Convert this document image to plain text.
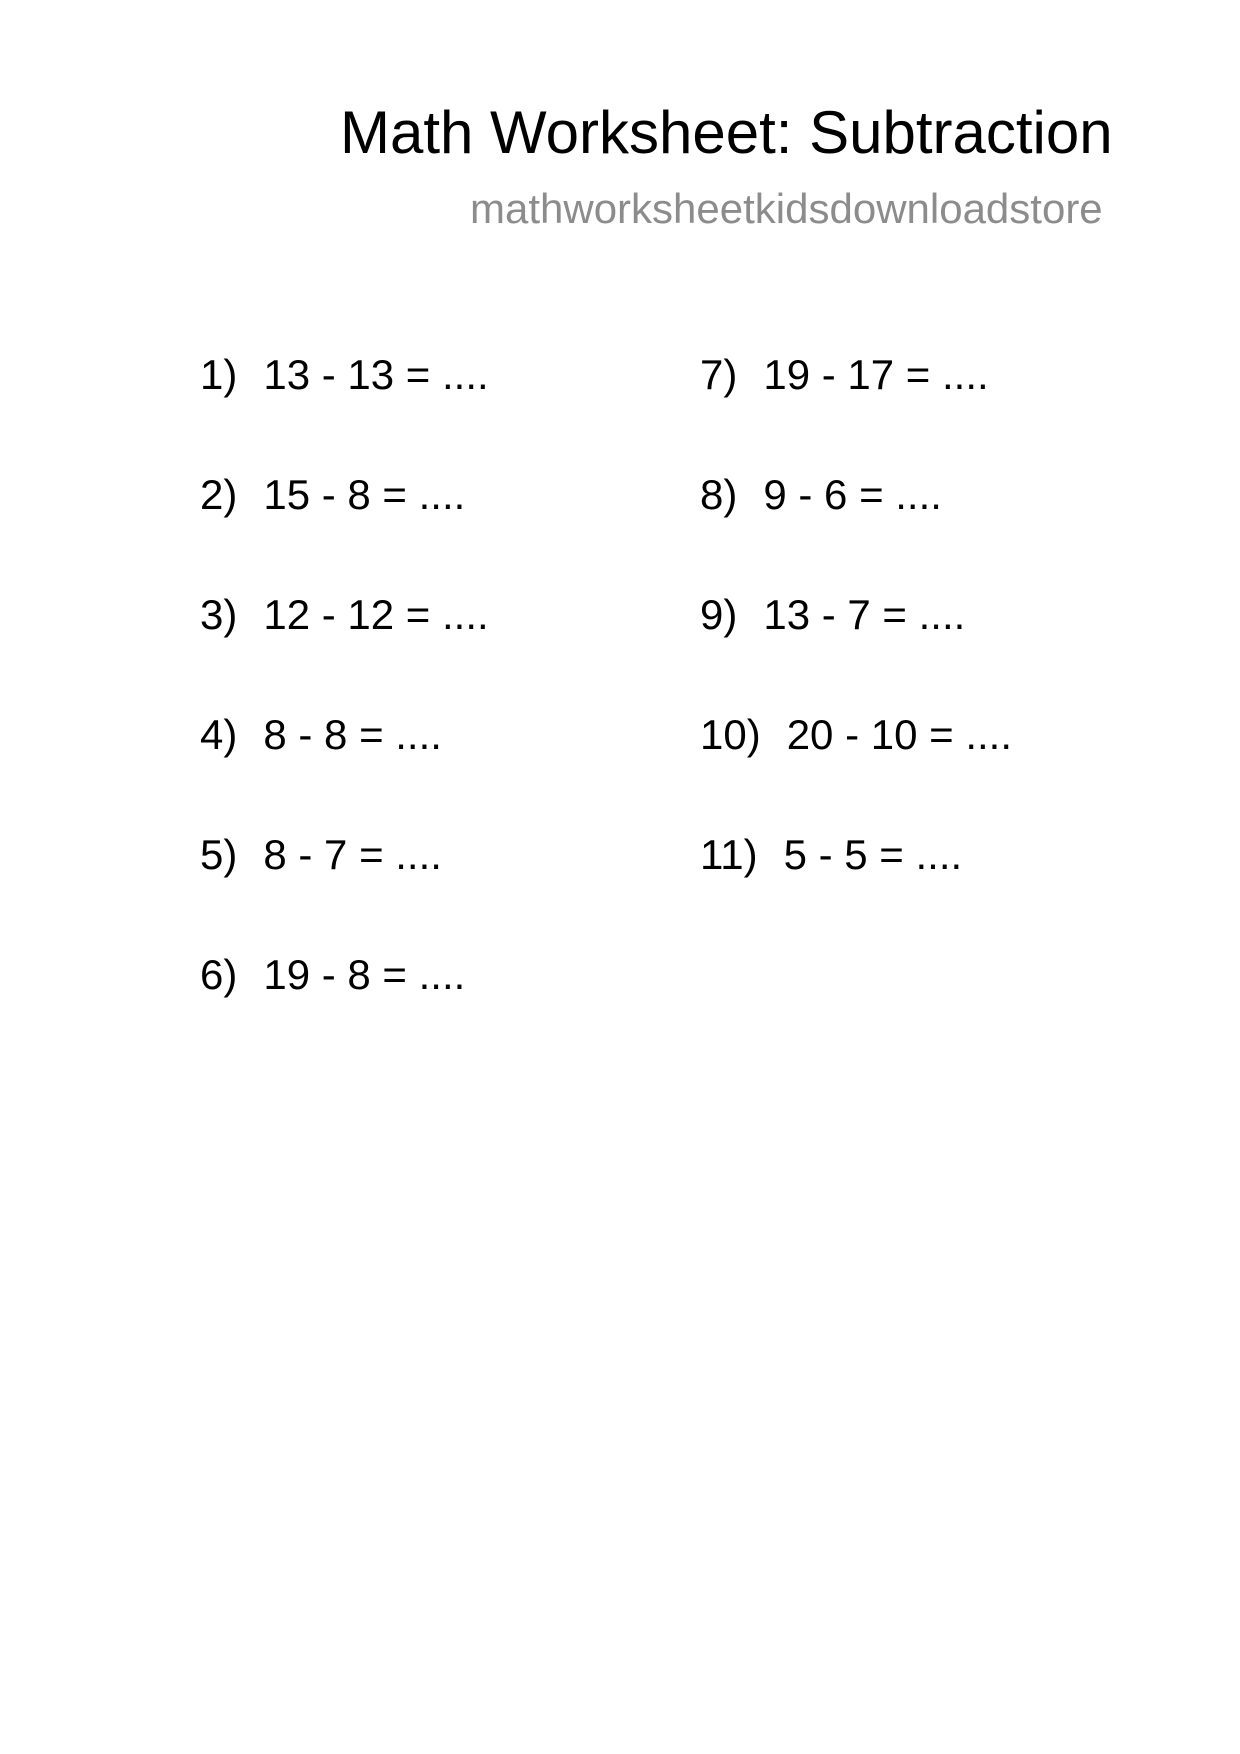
Math Worksheet: Subtraction
mathworksheetkidsdownloadstore
1) 13 - 13 = ....
2) 15 - 8 = ....
3) 12 - 12 = ....
4) 8 - 8 = ....
5) 8 - 7 = ....
6) 19 - 8 = ....
7) 19 - 17 = ....
8) 9 - 6 = ....
9) 13 - 7 = ....
10) 20 - 10 = ....
11) 5 - 5 = ....
